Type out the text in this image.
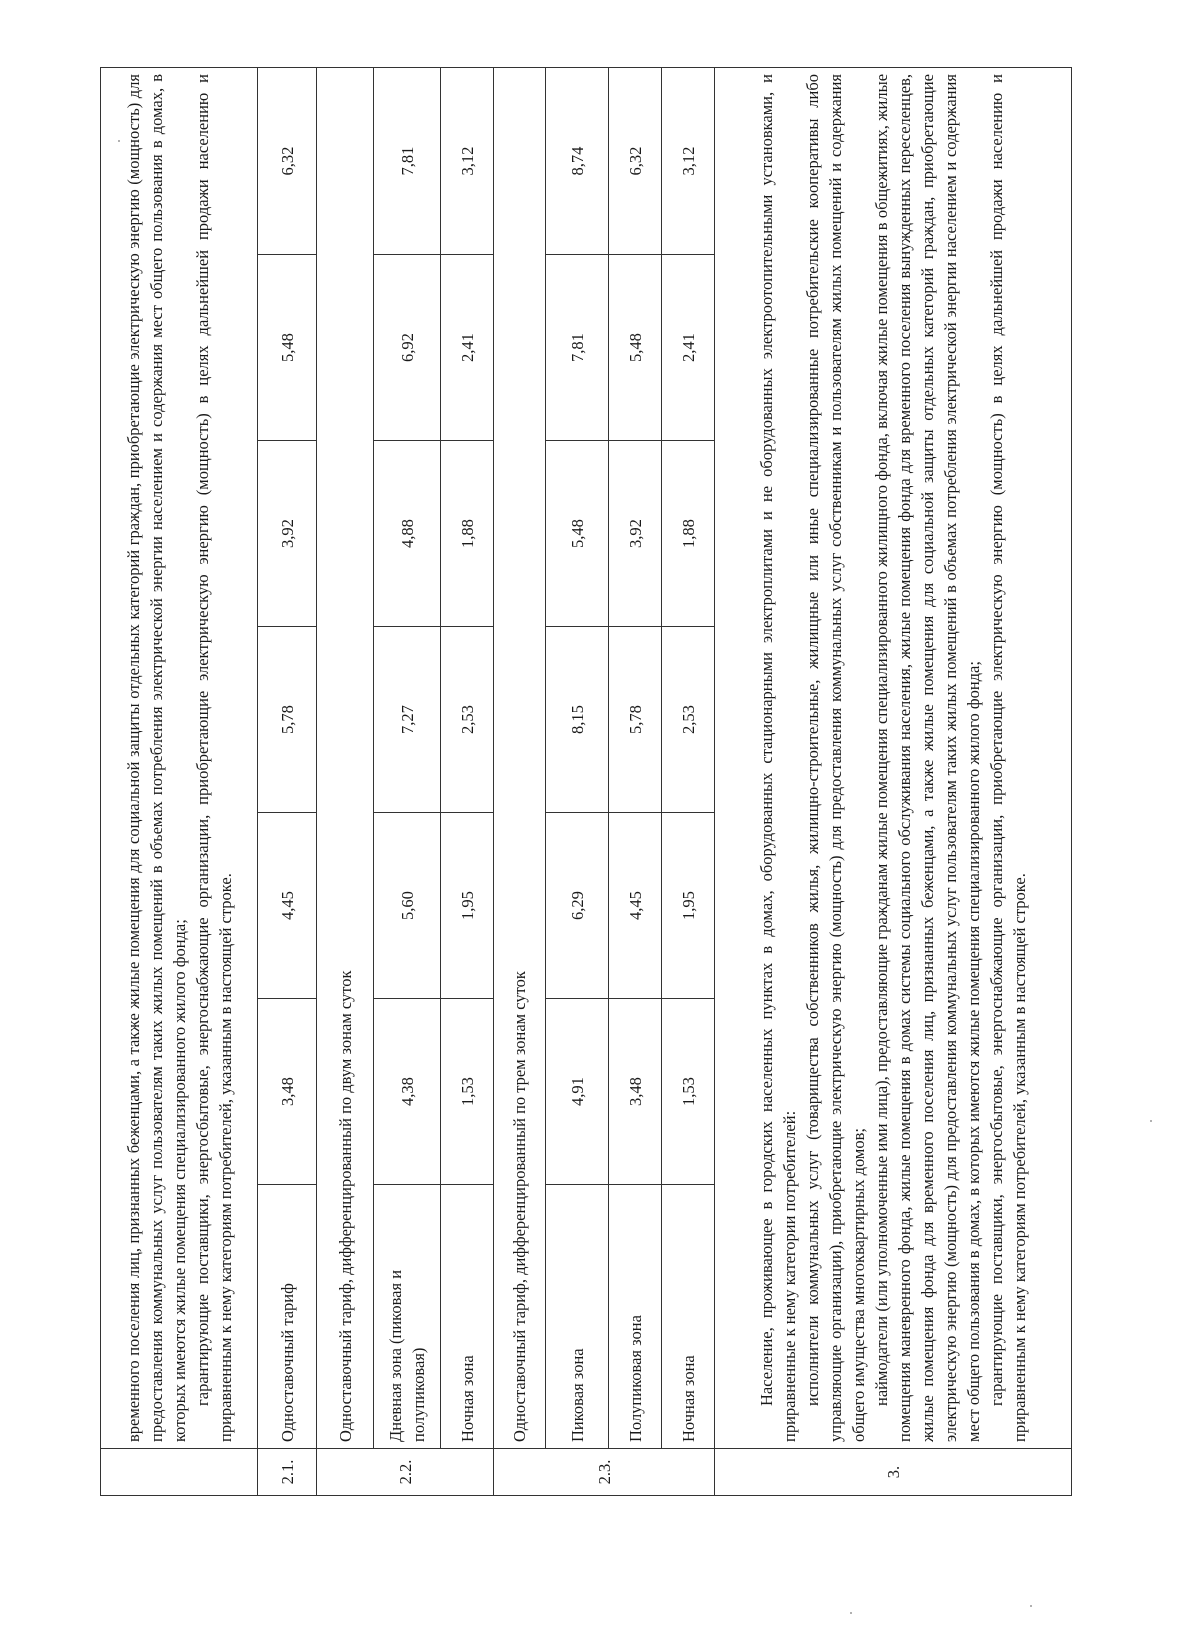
	временного поселения лиц, признанных беженцами, а также жилые помещения для социальной защиты отдельных категорий граждан, приобретающие электрическую энергию (мощность) для предоставления коммунальных услуг пользователям таких жилых помещений в объемах потребления электрической энергии населением и содержания мест общего пользования в домах, в которых имеются жилые помещения специализированного жилого фонда; гарантирующие поставщики, энергосбытовые, энергоснабжающие организации, приобретающие электрическую энергию (мощность) в целях дальнейшей продажи населению и приравненным к нему категориям потребителей, указанным в настоящей строке.						

2.1.	Одноставочный тариф	3,48	4,45	5,78	3,92	5,48	6,32
2.2.	Одноставочный тариф, дифференцированный по двум зонам суток						
	Дневная зона (пиковая и полупиковая)	4,38	5,60	7,27	4,88	6,92	7,81
	Ночная зона	1,53	1,95	2,53	1,88	2,41	3,12
2.3.	Одноставочный тариф, дифференцированный по трем зонам суток						
	Пиковая зона	4,91	6,29	8,15	5,48	7,81	8,74
	Полупиковая зона	3,48	4,45	5,78	3,92	5,48	6,32
	Ночная зона	1,53	1,95	2,53	1,88	2,41	3,12
3.	Население, проживающее в городских населенных пунктах в домах, оборудованных стационарными электроплитами и не оборудованных электроотопительными установками, и приравненные к нему категории потребителей: исполнители коммунальных услуг (товарищества собственников жилья, жилищно-строительные, жилищные или иные специализированные потребительские кооперативы либо управляющие организации), приобретающие электрическую энергию (мощность) для предоставления коммунальных услуг собственникам и пользователям жилых помещений и содержания общего имущества многоквартирных домов; наймодатели (или уполномоченные ими лица), предоставляющие гражданам жилые помещения специализированного жилищного фонда, включая жилые помещения в общежитиях, жилые помещения маневренного фонда, жилые помещения в домах системы социального обслуживания населения, жилые помещения фонда для временного поселения вынужденных переселенцев, жилые помещения фонда для временного поселения лиц, признанных беженцами, а также жилые помещения для социальной защиты отдельных категорий граждан, приобретающие электрическую энергию (мощность) для предоставления коммунальных услуг пользователям таких жилых помещений в объемах потребления электрической энергии населением и содержания мест общего пользования в домах, в которых имеются жилые помещения специализированного жилого фонда; гарантирующие поставщики, энергосбытовые, энергоснабжающие организации, приобретающие электрическую энергию (мощность) в целях дальнейшей продажи населению и приравненным к нему категориям потребителей, указанным в настоящей строке.						
